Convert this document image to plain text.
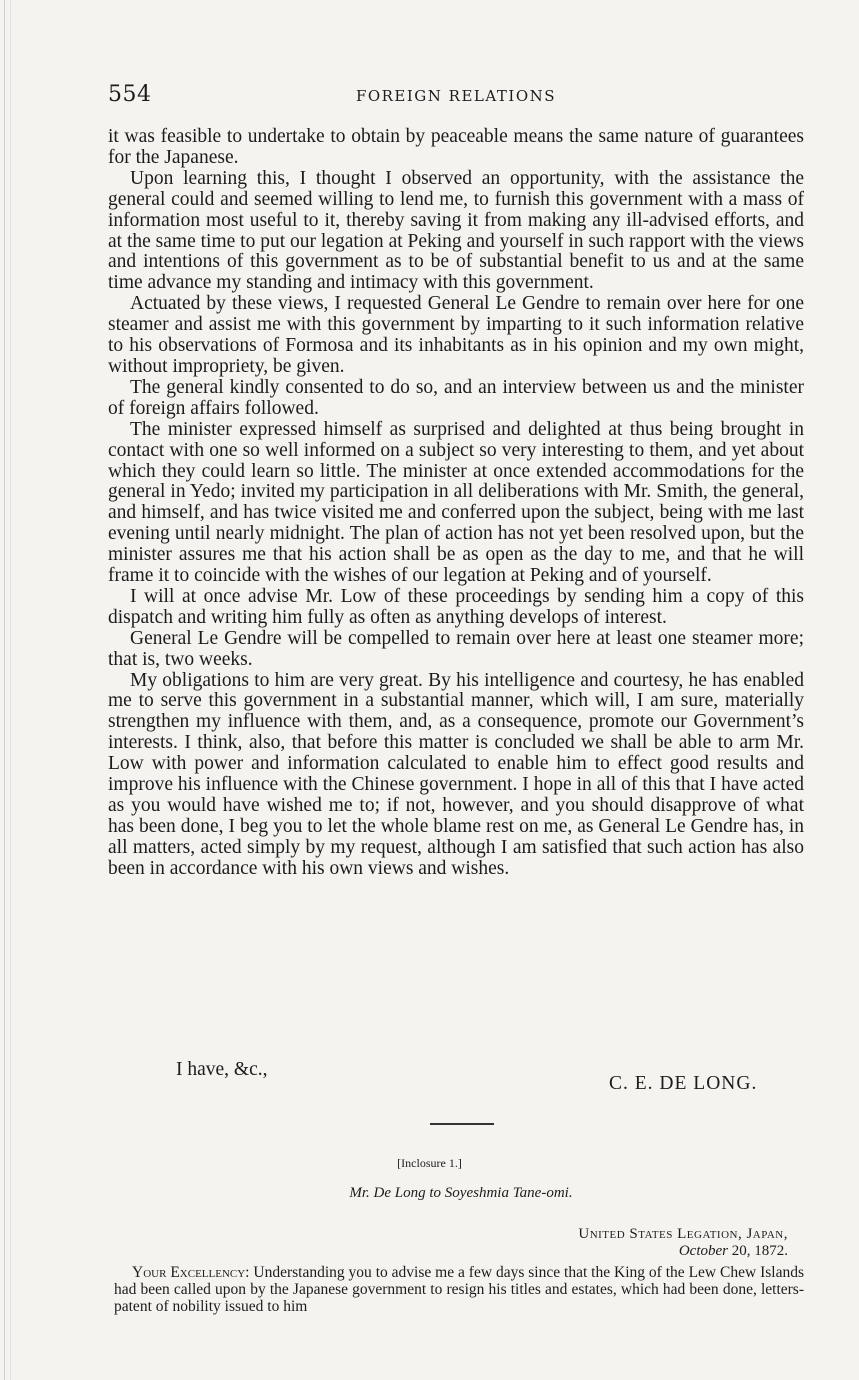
554	FOREIGN RELATIONS

it was feasible to undertake to obtain by peaceable means the same nature of guarantees for the Japanese.

Upon learning this, I thought I observed an opportunity, with the assistance the general could and seemed willing to lend me, to furnish this government with a mass of information most useful to it, thereby saving it from making any ill-advised efforts, and at the same time to put our legation at Peking and yourself in such rapport with the views and intentions of this government as to be of substantial benefit to us and at the same time advance my standing and intimacy with this government.

Actuated by these views, I requested General Le Gendre to remain over here for one steamer and assist me with this government by imparting to it such information relative to his observations of Formosa and its inhabitants as in his opinion and my own might, without impropriety, be given.

The general kindly consented to do so, and an interview between us and the minister of foreign affairs followed.

The minister expressed himself as surprised and delighted at thus being brought in contact with one so well informed on a subject so very interesting to them, and yet about which they could learn so little. The minister at once extended accommodations for the general in Yedo; invited my participation in all deliberations with Mr. Smith, the general, and himself, and has twice visited me and conferred upon the subject, being with me last evening until nearly midnight. The plan of action has not yet been resolved upon, but the minister assures me that his action shall be as open as the day to me, and that he will frame it to coincide with the wishes of our legation at Peking and of yourself.

I will at once advise Mr. Low of these proceedings by sending him a copy of this dispatch and writing him fully as often as anything develops of interest.

General Le Gendre will be compelled to remain over here at least one steamer more; that is, two weeks.

My obligations to him are very great. By his intelligence and courtesy, he has enabled me to serve this government in a substantial manner, which will, I am sure, materially strengthen my influence with them, and, as a consequence, promote our Government’s interests. I think, also, that before this matter is concluded we shall be able to arm Mr. Low with power and information calculated to enable him to effect good results and improve his influence with the Chinese government. I hope in all of this that I have acted as you would have wished me to; if not, however, and you should disapprove of what has been done, I beg you to let the whole blame rest on me, as General Le Gendre has, in all matters, acted simply by my request, although I am satisfied that such action has also been in accordance with his own views and wishes.

I have, &c.,
C. E. DE LONG.
[Inclosure 1.]
Mr. De Long to Soyeshmia Tane-omi.
United States Legation, Japan,
October 20, 1872.

Your Excellency: Understanding you to advise me a few days since that the King of the Lew Chew Islands had been called upon by the Japanese government to resign his titles and estates, which had been done, letters-patent of nobility issued to him
